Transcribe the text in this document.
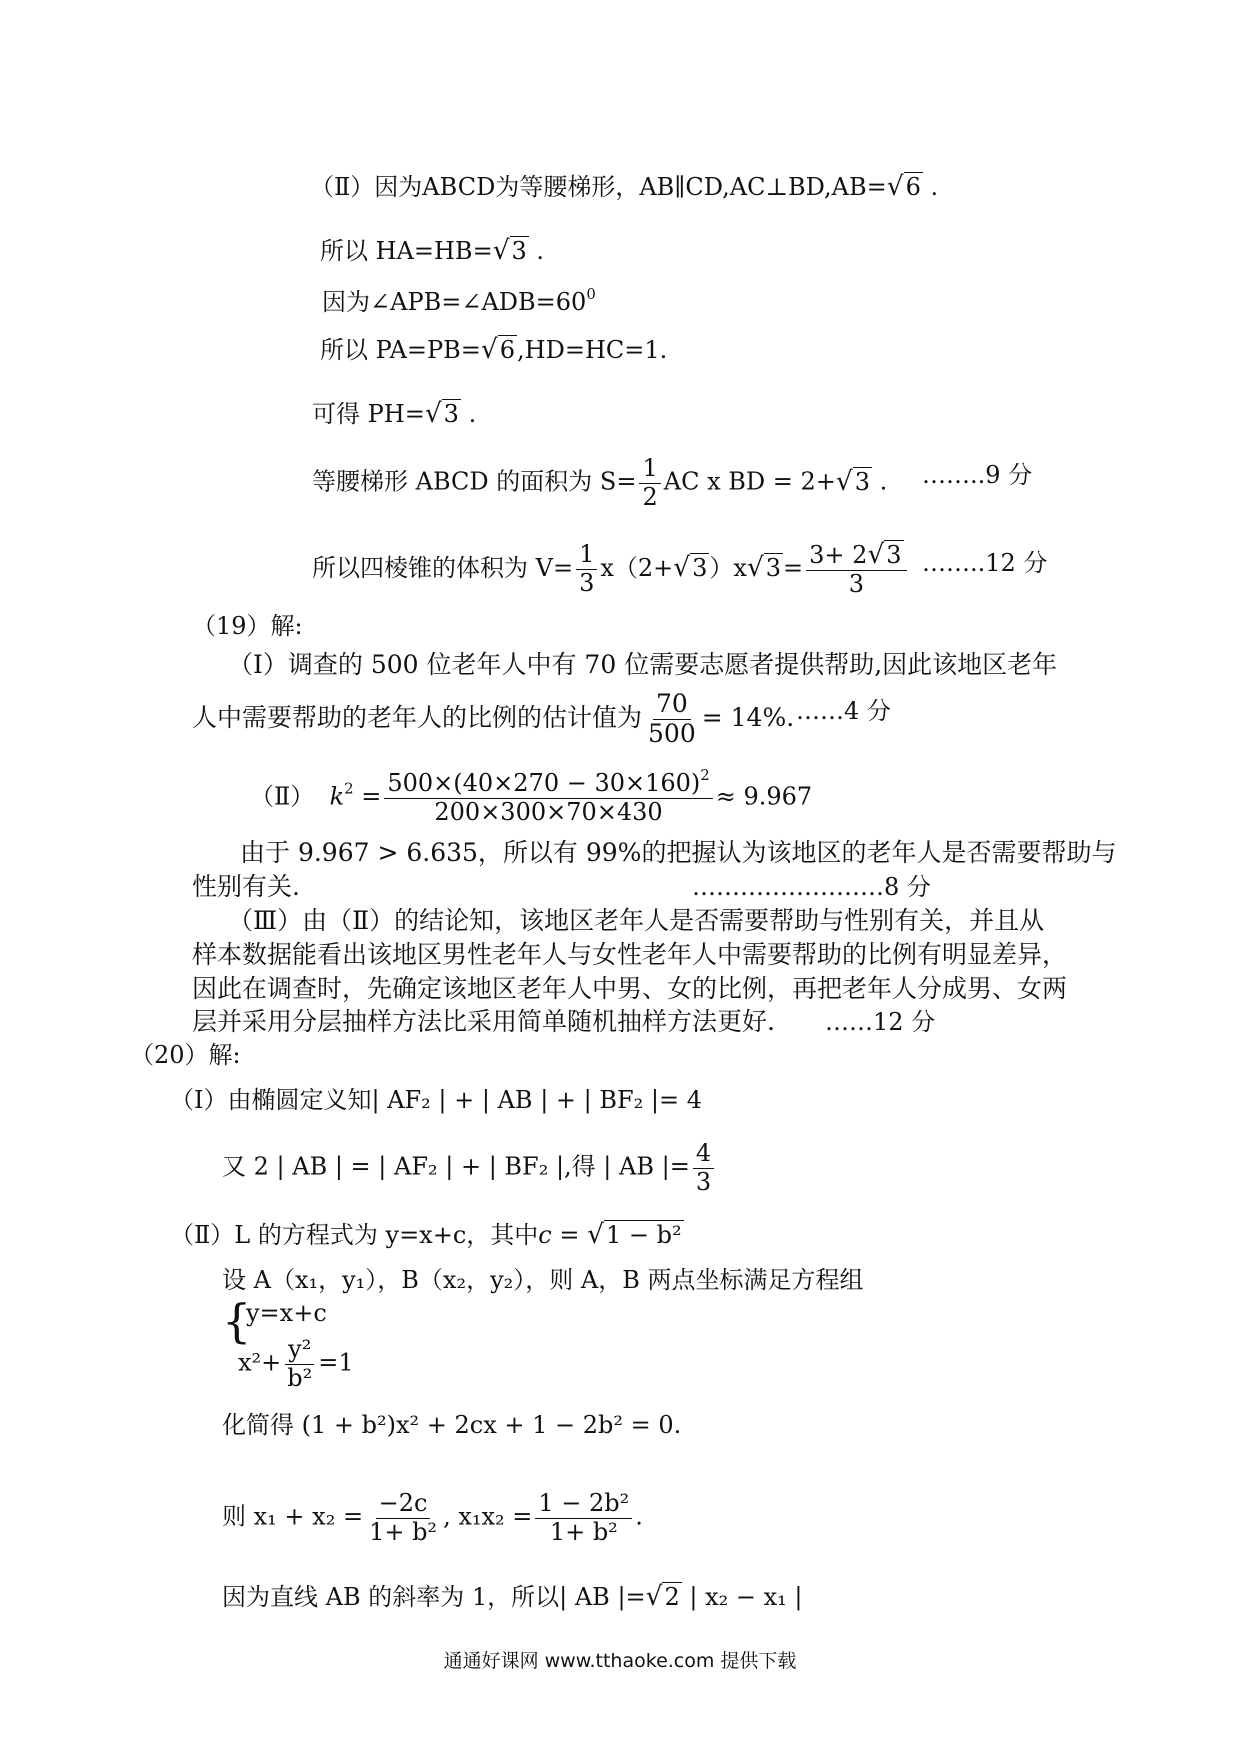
（Ⅱ）因为ABCD为等腰梯形，AB∥CD,AC⊥BD,AB=√6 .
所以 HA=HB=√3 .
因为$\angle APB=\angle ADB=60^0$
所以 PA=PB=√6,HD=HC=1.
可得 PH=√3 .
等腰梯形 ABCD 的面积为 $S= \frac{1}{2}$ AC x BD = 2+√3 . ……..9 分
所以四棱锥的体积为 $V= \frac{1}{3} x(2+√3)x√3= \frac{3+ 2√3}{3}$ ……..12 分
（19）解:
（Ⅰ）调查的 500 位老年人中有 70 位需要志愿者提供帮助,因此该地区老年
人中需要帮助的老年人的比例的估计值为 $\frac{70}{500} = 14\%$. ……4 分
（Ⅱ） $k^2 = \frac{500\times(40\times 270 - 30\times 160)^2}{200\times 300\times 70\times 430} \approx 9.967$
由于 9.967 > 6.635，所以有 99%的把握认为该地区的老年人是否需要帮助与
性别有关.	……………………8 分
（Ⅲ）由（Ⅱ）的结论知，该地区老年人是否需要帮助与性别有关，并且从
样本数据能看出该地区男性老年人与女性老年人中需要帮助的比例有明显差异，
因此在调查时，先确定该地区老年人中男、女的比例，再把老年人分成男、女两
层并采用分层抽样方法比采用简单随机抽样方法更好. ……12 分
（20）解:
（Ⅰ）由椭圆定义知| AF₂ | + | AB | + | BF₂ |= 4
又 2 | AB | = | AF₂ | + | BF₂ |,得 | AB |= $\frac{4}{3}$
（Ⅱ）L 的方程式为 y=x+c，其中c = √1 − b²
设 A（x₁，y₁），B（x₂，y₂），则 A，B 两点坐标满足方程组
{
y=x+c
$x^2+ \frac{\text{y²}}{\text{b²}} =1$
化简得 (1 + b²)x² + 2cx + 1 − 2b² = 0.
则 $x_1 + x_2 = \frac{-2c}{\text{1+ b²}}$ , $x_1x_2 = \frac{\text{1 − 2b²}}{\text{1+ b²}}$ .
因为直线 AB 的斜率为 1，所以| AB |=√2 | x₂ − x₁ |
通通好课网 www.tthaoke.com 提供下载
